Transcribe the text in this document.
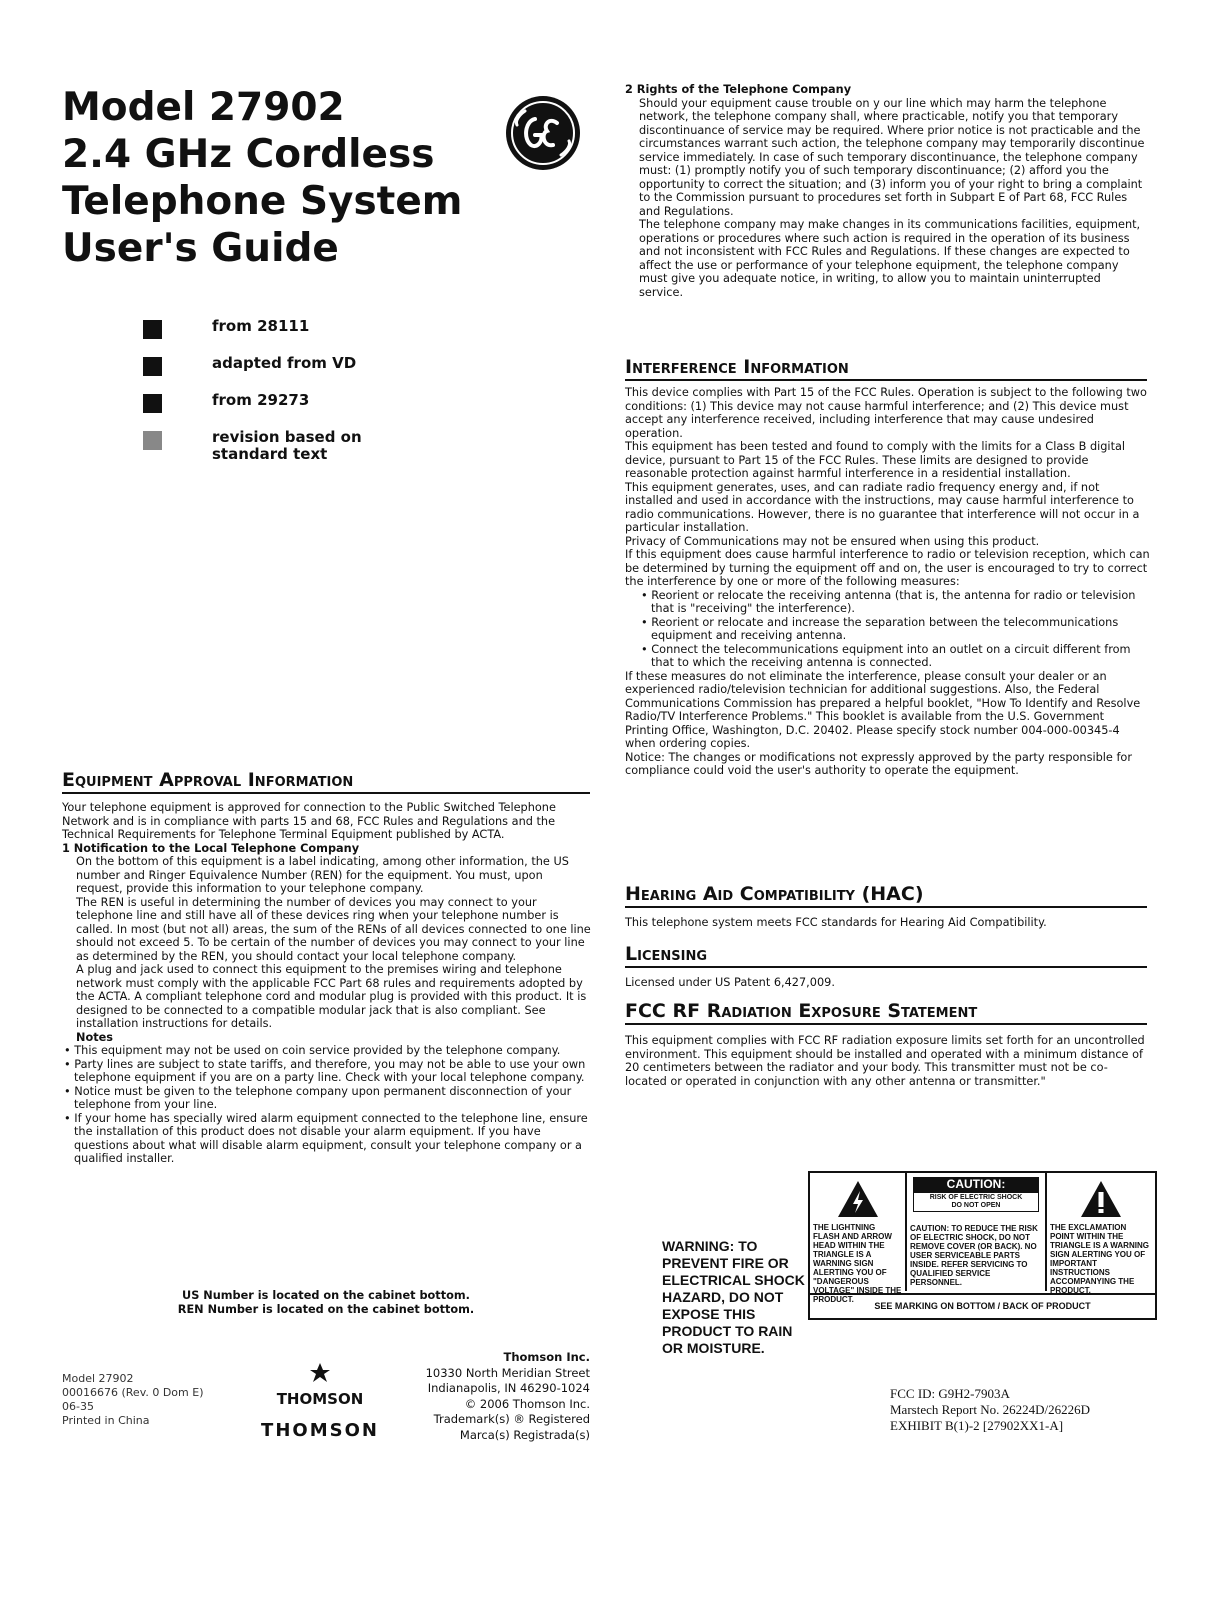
Model 27902
2.4 GHz Cordless
Telephone System
User's Guide
from 28111
adapted from VD
from 29273
revision based on standard text
Equipment Approval Information

Your telephone equipment is approved for connection to the Public Switched Telephone Network and is in compliance with parts 15 and 68, FCC Rules and Regulations and the Technical Requirements for Telephone Terminal Equipment published by ACTA.

1 Notification to the Local Telephone Company

On the bottom of this equipment is a label indicating, among other information, the US number and Ringer Equivalence Number (REN) for the equipment. You must, upon request, provide this information to your telephone company.

The REN is useful in determining the number of devices you may connect to your telephone line and still have all of these devices ring when your telephone number is called. In most (but not all) areas, the sum of the RENs of all devices connected to one line should not exceed 5. To be certain of the number of devices you may connect to your line as determined by the REN, you should contact your local telephone company.

A plug and jack used to connect this equipment to the premises wiring and telephone network must comply with the applicable FCC Part 68 rules and requirements adopted by the ACTA. A compliant telephone cord and modular plug is provided with this product. It is designed to be connected to a compatible modular jack that is also compliant. See installation instructions for details.

Notes

• This equipment may not be used on coin service provided by the telephone company.

• Party lines are subject to state tariffs, and therefore, you may not be able to use your own telephone equipment if you are on a party line. Check with your local telephone company.

• Notice must be given to the telephone company upon permanent disconnection of your telephone from your line.

• If your home has specially wired alarm equipment connected to the telephone line, ensure the installation of this product does not disable your alarm equipment. If you have questions about what will disable alarm equipment, consult your telephone company or a qualified installer.

US Number is located on the cabinet bottom.
REN Number is located on the cabinet bottom.
Model 27902
00016676 (Rev. 0 Dom E)
06-35
Printed in China
THOMSON
THOMSON
Thomson Inc.
10330 North Meridian Street
Indianapolis, IN 46290-1024
© 2006 Thomson Inc.
Trademark(s) ® Registered
Marca(s) Registrada(s)

2 Rights of the Telephone Company

Should your equipment cause trouble on y our line which may harm the telephone network, the telephone company shall, where practicable, notify you that temporary discontinuance of service may be required. Where prior notice is not practicable and the circumstances warrant such action, the telephone company may temporarily discontinue service immediately. In case of such temporary discontinuance, the telephone company must: (1) promptly notify you of such temporary discontinuance; (2) afford you the opportunity to correct the situation; and (3) inform you of your right to bring a complaint to the Commission pursuant to procedures set forth in Subpart E of Part 68, FCC Rules and Regulations.

The telephone company may make changes in its communications facilities, equipment, operations or procedures where such action is required in the operation of its business and not inconsistent with FCC Rules and Regulations. If these changes are expected to affect the use or performance of your telephone equipment, the telephone company must give you adequate notice, in writing, to allow you to maintain uninterrupted service.

Interference Information

This device complies with Part 15 of the FCC Rules. Operation is subject to the following two conditions: (1) This device may not cause harmful interference; and (2) This device must accept any interference received, including interference that may cause undesired operation.

This equipment has been tested and found to comply with the limits for a Class B digital device, pursuant to Part 15 of the FCC Rules. These limits are designed to provide reasonable protection against harmful interference in a residential installation.

This equipment generates, uses, and can radiate radio frequency energy and, if not installed and used in accordance with the instructions, may cause harmful interference to radio communications. However, there is no guarantee that interference will not occur in a particular installation.

Privacy of Communications may not be ensured when using this product.

If this equipment does cause harmful interference to radio or television reception, which can be determined by turning the equipment off and on, the user is encouraged to try to correct the interference by one or more of the following measures:

• Reorient or relocate the receiving antenna (that is, the antenna for radio or television that is "receiving" the interference).

• Reorient or relocate and increase the separation between the telecommunications equipment and receiving antenna.

• Connect the telecommunications equipment into an outlet on a circuit different from that to which the receiving antenna is connected.

If these measures do not eliminate the interference, please consult your dealer or an experienced radio/television technician for additional suggestions. Also, the Federal Communications Commission has prepared a helpful booklet, "How To Identify and Resolve Radio/TV Interference Problems." This booklet is available from the U.S. Government Printing Office, Washington, D.C. 20402. Please specify stock number 004-000-00345-4 when ordering copies.

Notice: The changes or modifications not expressly approved by the party responsible for compliance could void the user's authority to operate the equipment.

Hearing Aid Compatibility (HAC)
This telephone system meets FCC standards for Hearing Aid Compatibility.
Licensing
Licensed under US Patent 6,427,009.
FCC RF Radiation Exposure Statement
This equipment complies with FCC RF radiation exposure limits set forth for an uncontrolled environment. This equipment should be installed and operated with a minimum distance of 20 centimeters between the radiator and your body. This transmitter must not be co-located or operated in conjunction with any other antenna or transmitter."
WARNING: TO PREVENT FIRE OR ELECTRICAL SHOCK HAZARD, DO NOT EXPOSE THIS PRODUCT TO RAIN OR MOISTURE.
THE LIGHTNING FLASH AND ARROW HEAD WITHIN THE TRIANGLE IS A WARNING SIGN ALERTING YOU OF "DANGEROUS VOLTAGE" INSIDE THE PRODUCT.
CAUTION:
RISK OF ELECTRIC SHOCK
DO NOT OPEN
CAUTION: TO REDUCE THE RISK OF ELECTRIC SHOCK, DO NOT REMOVE COVER (OR BACK). NO USER SERVICEABLE PARTS INSIDE. REFER SERVICING TO QUALIFIED SERVICE PERSONNEL.
THE EXCLAMATION POINT WITHIN THE TRIANGLE IS A WARNING SIGN ALERTING YOU OF IMPORTANT INSTRUCTIONS ACCOMPANYING THE PRODUCT.
SEE MARKING ON BOTTOM / BACK OF PRODUCT
FCC ID: G9H2-7903A
Marstech Report No. 26224D/26226D
EXHIBIT B(1)-2 [27902XX1-A]
